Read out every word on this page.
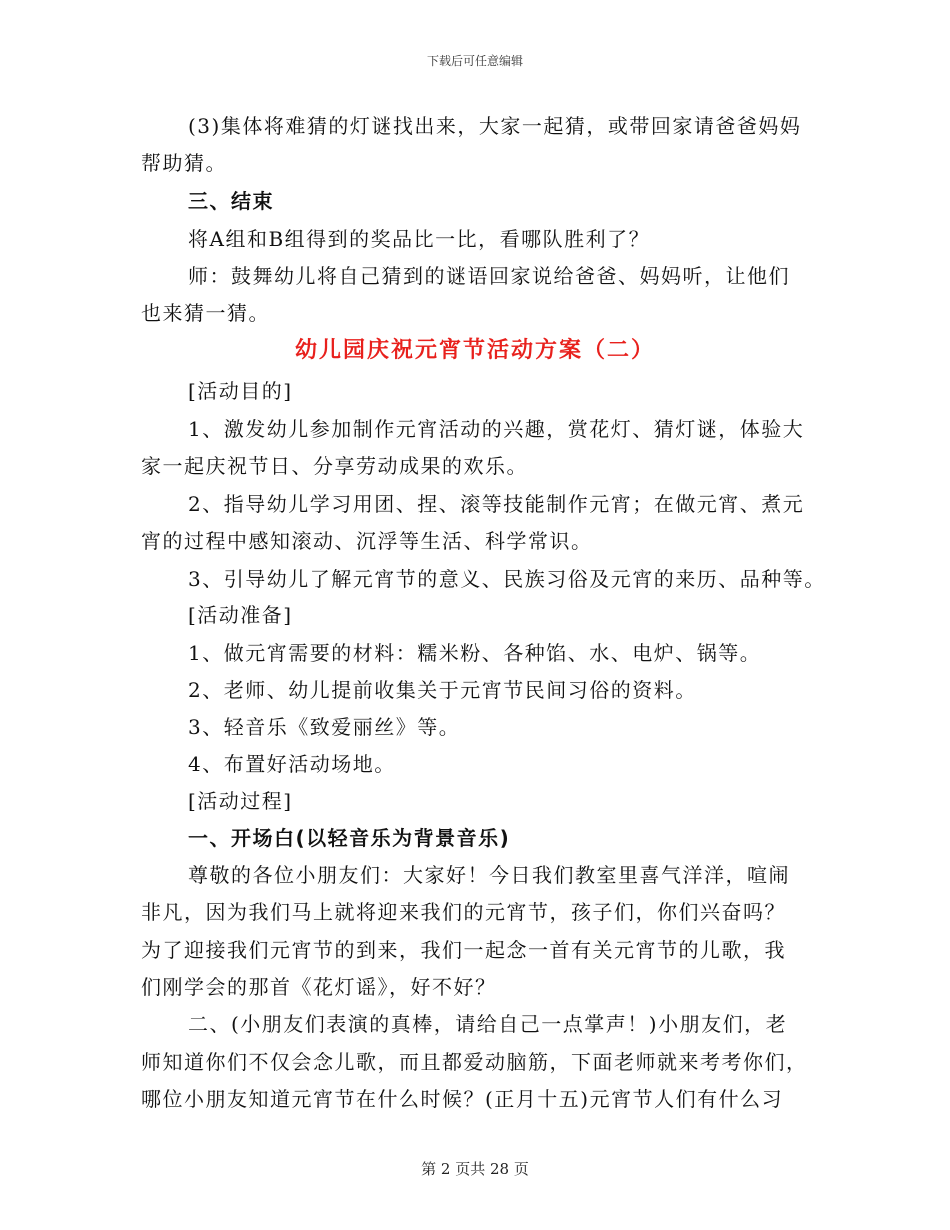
下载后可任意编辑
(3)集体将难猜的灯谜找出来，大家一起猜，或带回家请爸爸妈妈
帮助猜。
三、结束
将A组和B组得到的奖品比一比，看哪队胜利了？
师：鼓舞幼儿将自己猜到的谜语回家说给爸爸、妈妈听，让他们
也来猜一猜。
幼儿园庆祝元宵节活动方案（二）
[活动目的]
1、激发幼儿参加制作元宵活动的兴趣，赏花灯、猜灯谜，体验大
家一起庆祝节日、分享劳动成果的欢乐。
2、指导幼儿学习用团、捏、滚等技能制作元宵；在做元宵、煮元
宵的过程中感知滚动、沉浮等生活、科学常识。
3、引导幼儿了解元宵节的意义、民族习俗及元宵的来历、品种等。
[活动准备]
1、做元宵需要的材料：糯米粉、各种馅、水、电炉、锅等。
2、老师、幼儿提前收集关于元宵节民间习俗的资料。
3、轻音乐《致爱丽丝》等。
4、布置好活动场地。
[活动过程]
一、开场白(以轻音乐为背景音乐)
尊敬的各位小朋友们：大家好！今日我们教室里喜气洋洋，喧闹
非凡，因为我们马上就将迎来我们的元宵节，孩子们，你们兴奋吗？
为了迎接我们元宵节的到来，我们一起念一首有关元宵节的儿歌，我
们刚学会的那首《花灯谣》，好不好？
二、(小朋友们表演的真棒，请给自己一点掌声！)小朋友们，老
师知道你们不仅会念儿歌，而且都爱动脑筋，下面老师就来考考你们，
哪位小朋友知道元宵节在什么时候？(正月十五)元宵节人们有什么习
第 2 页共 28 页
